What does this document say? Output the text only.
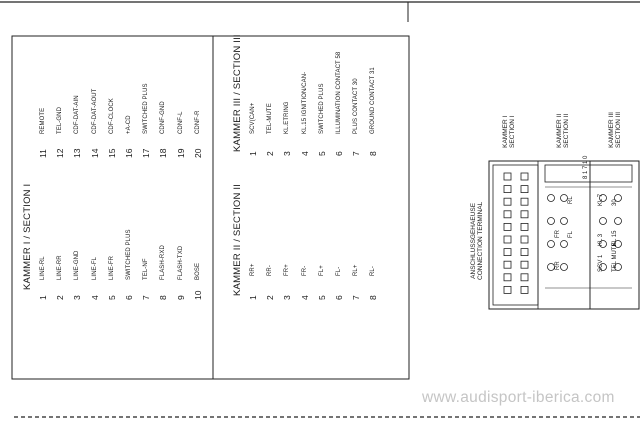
KAMMER I / SECTION I
1
LINE-RL
2
LINE-RR
3
LINE-GND
4
LINE-FL
5
LINE-FR
6
SWITCHED PLUS
7
TEL-NF
8
FLASH-RXD
9
FLASH-TXD
10
BOSE
11
REMOTE
12
TEL-GND
13
CDF-DAT-AIN
14
CDF-DAT-AOUT
15
CDF-CLOCK
16
+A-CD
17
SWITCHED PLUS
18
CDNF-GND
19
CDNF-L
20
CDNF-R	KAMMER III / SECTION III
1
SCV(CAN+
2
TEL-MUTE
3
KL.ETRING
4
KL.15 IGNITION/CAN-
5
SWITCHED PLUS
6
ILLUMINATION CONTACT 58
7
PLUS CONTACT 30
8
GROUND CONTACT 31
KAMMER II / SECTION II
1
RR+
2
RR-
3
FR+
4
FR-
5
FL+
6
FL-
7
RL+
8
RL-	ANSCHLUSSGEHAEUSE CONNECTION TERMINAL
KAMMER I SECTION I	KAMMER II SECTION II	KAMMER III SECTION III
8 1 7 1 0
RR
FR FL
RL
SCV 1 TEL MUTE
KL 3 KL 15
KL 7 30
www.audisport-iberica.com
